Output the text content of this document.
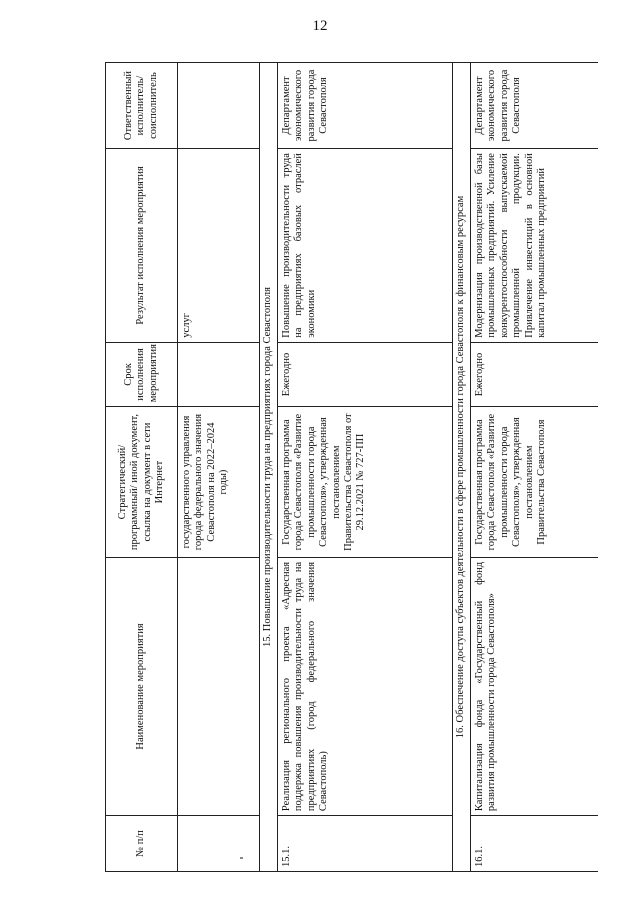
12
№ п/п	Наименование мероприятия	Стратегический/ программный/ иной документ, ссылка на документ в сети Интернет	Срок исполнения мероприятия	Результат исполнения мероприятия	Ответственный исполнитель/ соисполнитель
		государственного управления города федерального значения Севастополя на 2022–2024 годы)		услуг	
15. Повышение производительности труда на предприятиях города Севастополя					
15.1.	Реализация регионального проекта «Адресная поддержка повышения производительности труда на предприятиях (город федерального значения Севастополь)	Государственная программа города Севастополя «Развитие промышленности города Севастополя», утвержденная постановлением Правительства Севастополя от 29.12.2021 № 727-ПП	Ежегодно	Повышение производительности труда на предприятиях базовых отраслей экономики	Департамент экономического развития города Севастополя
16. Обеспечение доступа субъектов деятельности в сфере промышленности города Севастополя к финансовым ресурсам					
16.1.	Капитализация фонда «Государственный фонд развития промышленности города Севастополя»	Государственная программа города Севастополя «Развитие промышленности города Севастополя», утвержденная постановлением Правительства Севастополя	Ежегодно	Модернизация производственной базы промышленных предприятий. Усиление конкурентоспособности выпускаемой промышленной продукции. Привлечение инвестиций в основной капитал промышленных предприятий	Департамент экономического развития города Севастополя
